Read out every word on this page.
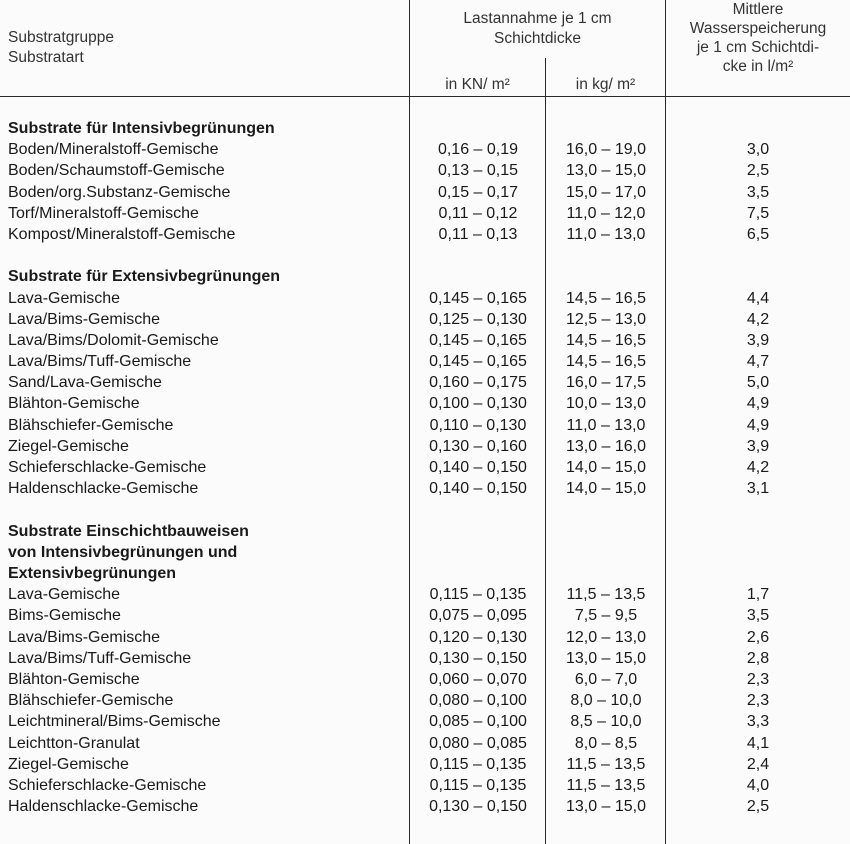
Substratgruppe
Substratart
Lastannahme je 1 cm
Schichtdicke
in KN/ m²	in kg/ m²
Mittlere
Wasserspeicherung
je 1 cm Schichtdi-
cke in l/m²
Substrate für Intensivbegrünungen
Boden/Mineralstoff-Gemische	0,16 – 0,19	16,0 – 19,0	3,0
Boden/Schaumstoff-Gemische	0,13 – 0,15	13,0 – 15,0	2,5
Boden/org.Substanz-Gemische	0,15 – 0,17	15,0 – 17,0	3,5
Torf/Mineralstoff-Gemische	0,11 – 0,12	11,0 – 12,0	7,5
Kompost/Mineralstoff-Gemische	0,11 – 0,13	11,0 – 13,0	6,5
Substrate für Extensivbegrünungen
Lava-Gemische	0,145 – 0,165	14,5 – 16,5	4,4
Lava/Bims-Gemische	0,125 – 0,130	12,5 – 13,0	4,2
Lava/Bims/Dolomit-Gemische	0,145 – 0,165	14,5 – 16,5	3,9
Lava/Bims/Tuff-Gemische	0,145 – 0,165	14,5 – 16,5	4,7
Sand/Lava-Gemische	0,160 – 0,175	16,0 – 17,5	5,0
Blähton-Gemische	0,100 – 0,130	10,0 – 13,0	4,9
Blähschiefer-Gemische	0,110 – 0,130	11,0 – 13,0	4,9
Ziegel-Gemische	0,130 – 0,160	13,0 – 16,0	3,9
Schieferschlacke-Gemische	0,140 – 0,150	14,0 – 15,0	4,2
Haldenschlacke-Gemische	0,140 – 0,150	14,0 – 15,0	3,1
Substrate Einschichtbauweisen
von Intensivbegrünungen und
Extensivbegrünungen
Lava-Gemische	0,115 – 0,135	11,5 – 13,5	1,7
Bims-Gemische	0,075 – 0,095	7,5 – 9,5	3,5
Lava/Bims-Gemische	0,120 – 0,130	12,0 – 13,0	2,6
Lava/Bims/Tuff-Gemische	0,130 – 0,150	13,0 – 15,0	2,8
Blähton-Gemische	0,060 – 0,070	6,0 – 7,0	2,3
Blähschiefer-Gemische	0,080 – 0,100	8,0 – 10,0	2,3
Leichtmineral/Bims-Gemische	0,085 – 0,100	8,5 – 10,0	3,3
Leichtton-Granulat	0,080 – 0,085	8,0 – 8,5	4,1
Ziegel-Gemische	0,115 – 0,135	11,5 – 13,5	2,4
Schieferschlacke-Gemische	0,115 – 0,135	11,5 – 13,5	4,0
Haldenschlacke-Gemische	0,130 – 0,150	13,0 – 15,0	2,5
